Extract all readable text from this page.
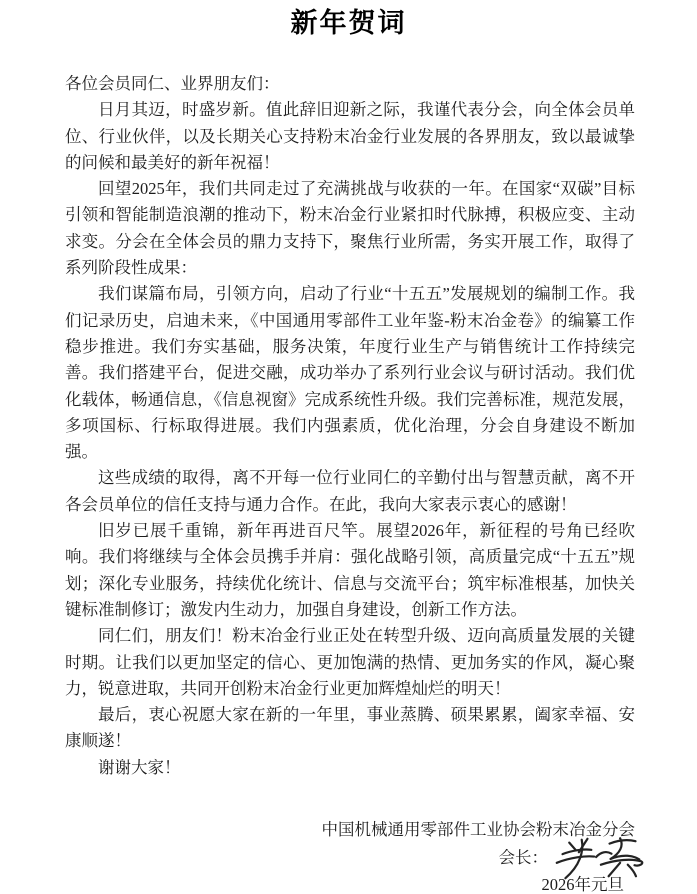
新年贺词
各位会员同仁、业界朋友们：

日月其迈，时盛岁新。值此辞旧迎新之际，我谨代表分会，向全体会员单位、行业伙伴，以及长期关心支持粉末冶金行业发展的各界朋友，致以最诚挚的问候和最美好的新年祝福！

回望2025年，我们共同走过了充满挑战与收获的一年。在国家“双碳”目标引领和智能制造浪潮的推动下，粉末冶金行业紧扣时代脉搏，积极应变、主动求变。分会在全体会员的鼎力支持下，聚焦行业所需，务实开展工作，取得了系列阶段性成果：

我们谋篇布局，引领方向，启动了行业“十五五”发展规划的编制工作。我们记录历史，启迪未来，《中国通用零部件工业年鉴-粉末冶金卷》的编纂工作稳步推进。我们夯实基础，服务决策，年度行业生产与销售统计工作持续完善。我们搭建平台，促进交融，成功举办了系列行业会议与研讨活动。我们优化载体，畅通信息，《信息视窗》完成系统性升级。我们完善标准，规范发展，多项国标、行标取得进展。我们内强素质，优化治理，分会自身建设不断加强。

这些成绩的取得，离不开每一位行业同仁的辛勤付出与智慧贡献，离不开各会员单位的信任支持与通力合作。在此，我向大家表示衷心的感谢！

旧岁已展千重锦，新年再进百尺竿。展望2026年，新征程的号角已经吹响。我们将继续与全体会员携手并肩：强化战略引领，高质量完成“十五五”规划；深化专业服务，持续优化统计、信息与交流平台；筑牢标准根基，加快关键标准制修订；激发内生动力，加强自身建设，创新工作方法。

同仁们，朋友们！粉末冶金行业正处在转型升级、迈向高质量发展的关键时期。让我们以更加坚定的信心、更加饱满的热情、更加务实的作风，凝心聚力，锐意进取，共同开创粉末冶金行业更加辉煌灿烂的明天！

最后，衷心祝愿大家在新的一年里，事业蒸腾、硕果累累，阖家幸福、安康顺遂！

谢谢大家！

中国机械通用零部件工业协会粉末冶金分会
会长：
2026年元旦
